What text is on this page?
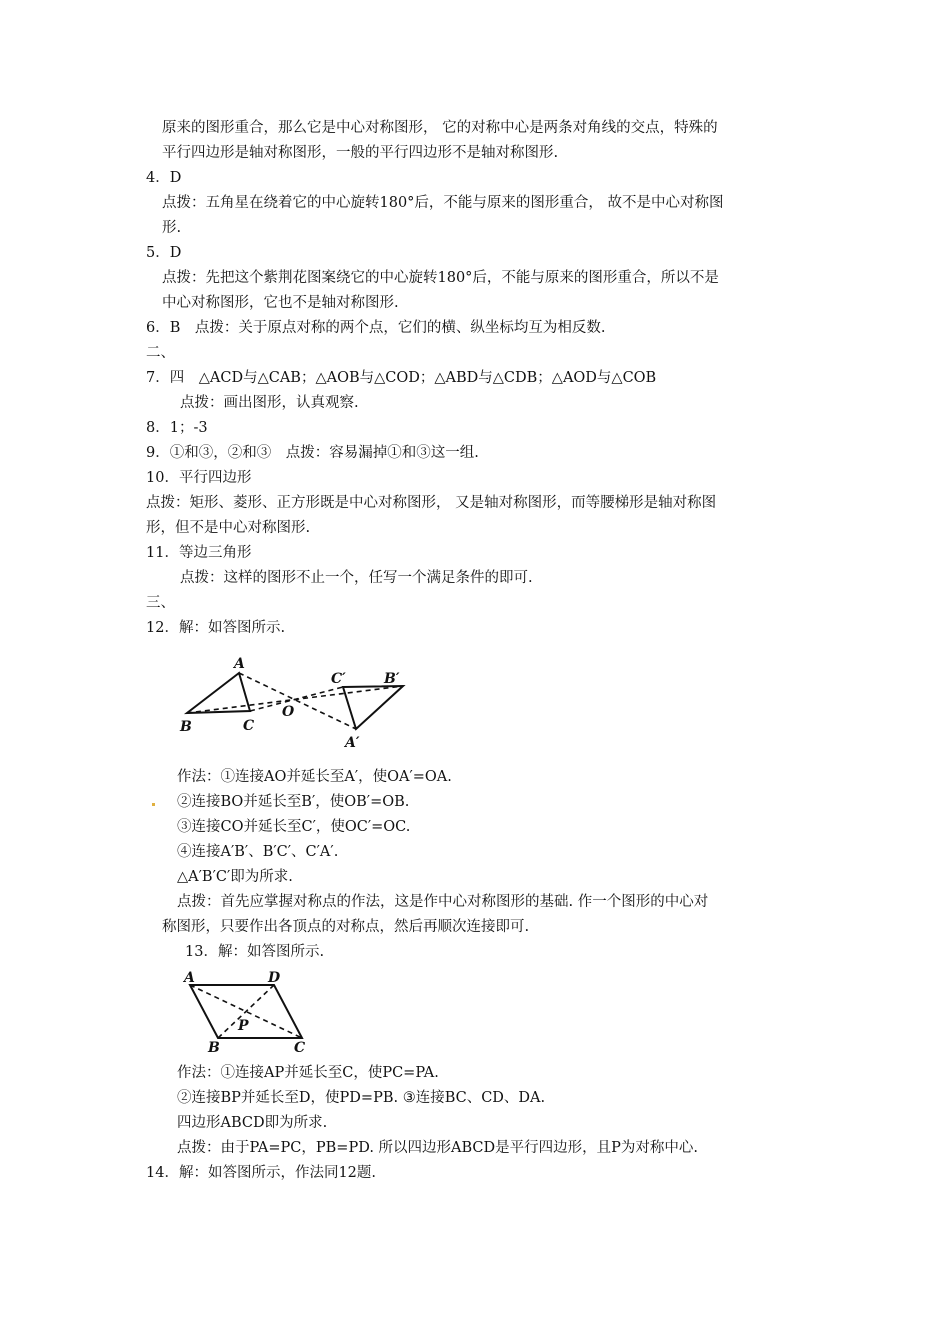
原来的图形重合，那么它是中心对称图形， 它的对称中心是两条对角线的交点，特殊的
平行四边形是轴对称图形，一般的平行四边形不是轴对称图形.
4．D
点拨：五角星在绕着它的中心旋转180°后，不能与原来的图形重合， 故不是中心对称图
形.
5．D
点拨：先把这个紫荆花图案绕它的中心旋转180°后，不能与原来的图形重合，所以不是
中心对称图形，它也不是轴对称图形.
6．B　点拨：关于原点对称的两个点，它们的横、纵坐标均互为相反数.
二、
7．四　△ACD与△CAB；△AOB与△COD；△ABD与△CDB；△AOD与△COB
点拨：画出图形，认真观察.
8．1；-3
9．①和③，②和③　点拨：容易漏掉①和③这一组.
10．平行四边形
点拨：矩形、菱形、正方形既是中心对称图形， 又是轴对称图形，而等腰梯形是轴对称图
形，但不是中心对称图形.
11．等边三角形
点拨：这样的图形不止一个，任写一个满足条件的即可.
三、
12．解：如答图所示.
A
B	C
O
A′
B′
C′
作法：①连接AO并延长至A′，使OA′=OA.
②连接BO并延长至B′，使OB′=OB.
③连接CO并延长至C′，使OC′=OC.
④连接A′B′、B′C′、C′A′.
△A′B′C′即为所求.
点拨：首先应掌握对称点的作法，这是作中心对称图形的基础. 作一个图形的中心对
称图形，只要作出各顶点的对称点，然后再顺次连接即可.
13．解：如答图所示.
A	D
B	C
P
作法：①连接AP并延长至C，使PC=PA.
②连接BP并延长至D，使PD=PB. ③连接BC、CD、DA.
四边形ABCD即为所求.
点拨：由于PA=PC，PB=PD. 所以四边形ABCD是平行四边形，且P为对称中心.
14．解：如答图所示，作法同12题.
